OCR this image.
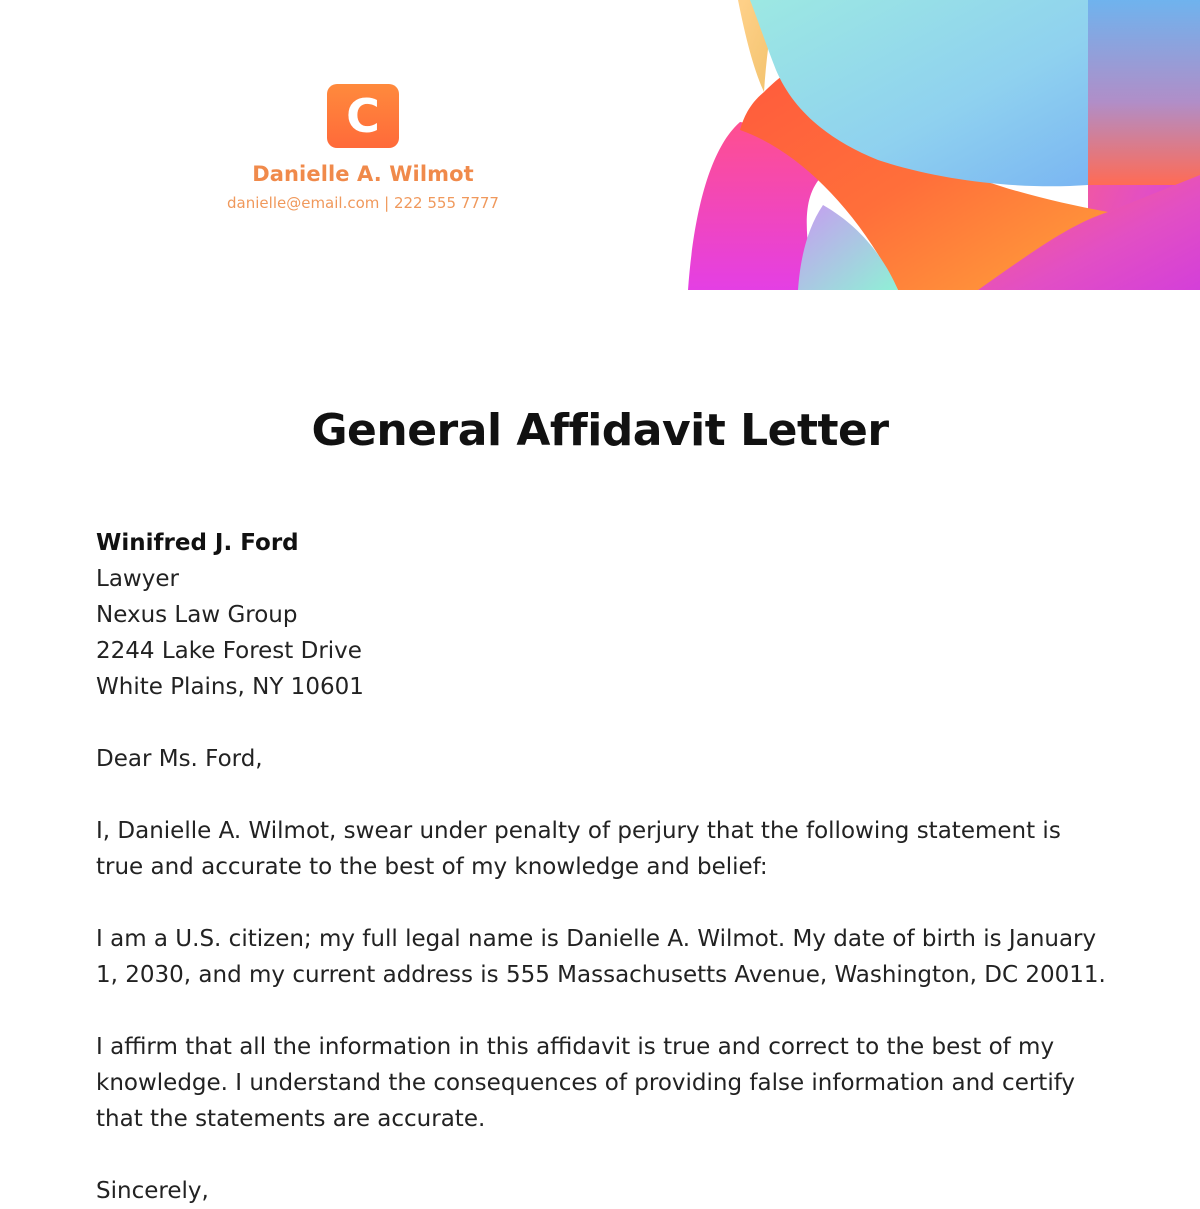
C
Danielle A. Wilmot
danielle@email.com | 222 555 7777
General Affidavit Letter
Winifred J. Ford
Lawyer
Nexus Law Group
2244 Lake Forest Drive
White Plains, NY 10601
Dear Ms. Ford,

I, Danielle A. Wilmot, swear under penalty of perjury that the following statement is true and accurate to the best of my knowledge and belief:

I am a U.S. citizen; my full legal name is Danielle A. Wilmot. My date of birth is January 1, 2030, and my current address is 555 Massachusetts Avenue, Washington, DC 20011.

I affirm that all the information in this affidavit is true and correct to the best of my knowledge. I understand the consequences of providing false information and certify that the statements are accurate.

Sincerely,
